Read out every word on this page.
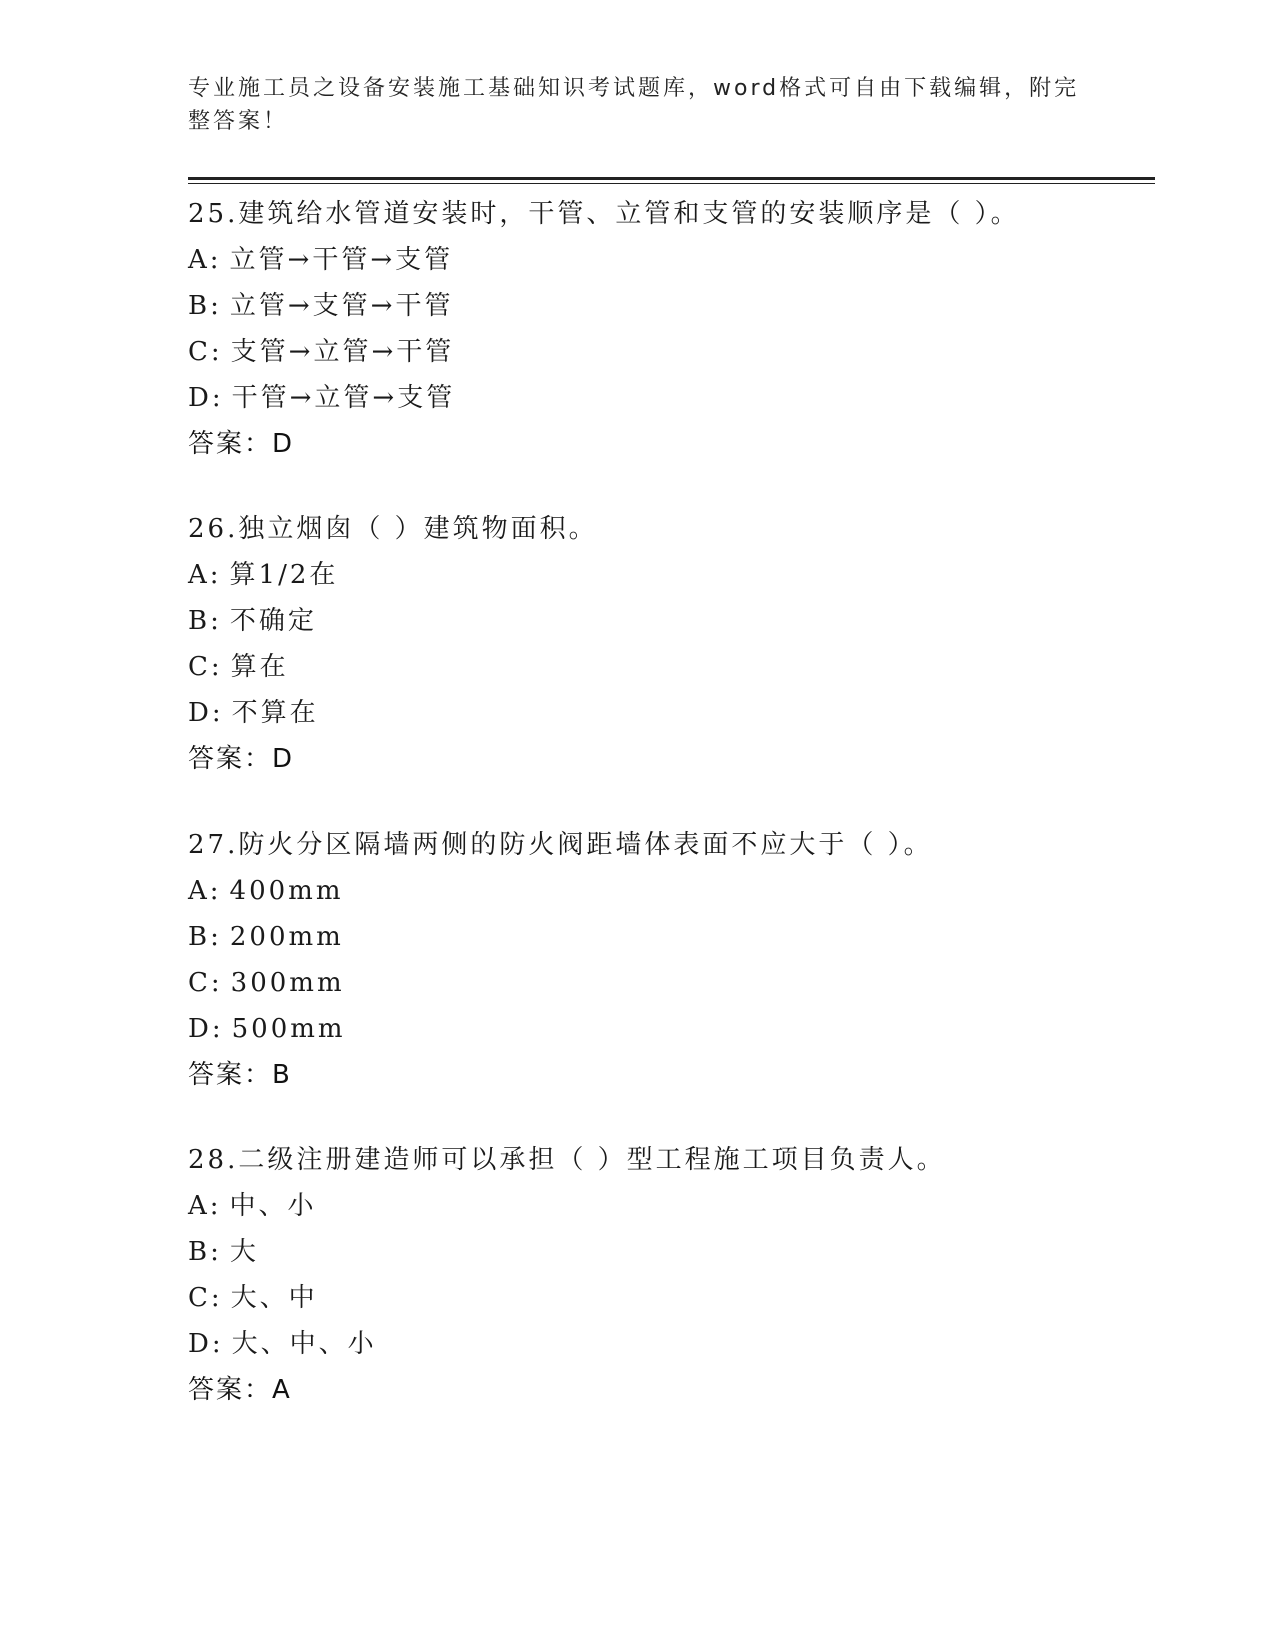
专业施工员之设备安装施工基础知识考试题库，word格式可自由下载编辑，附完
整答案！
25.建筑给水管道安装时，干管、立管和支管的安装顺序是（ ）。
A: 立管→干管→支管
B: 立管→支管→干管
C: 支管→立管→干管
D: 干管→立管→支管
答案：D
26.独立烟囱（ ）建筑物面积。
A: 算1/2在
B: 不确定
C: 算在
D: 不算在
答案：D
27.防火分区隔墙两侧的防火阀距墙体表面不应大于（ ）。
A: 400mm
B: 200mm
C: 300mm
D: 500mm
答案：B
28.二级注册建造师可以承担（ ）型工程施工项目负责人。
A: 中、小
B: 大
C: 大、中
D: 大、中、小
答案：A
